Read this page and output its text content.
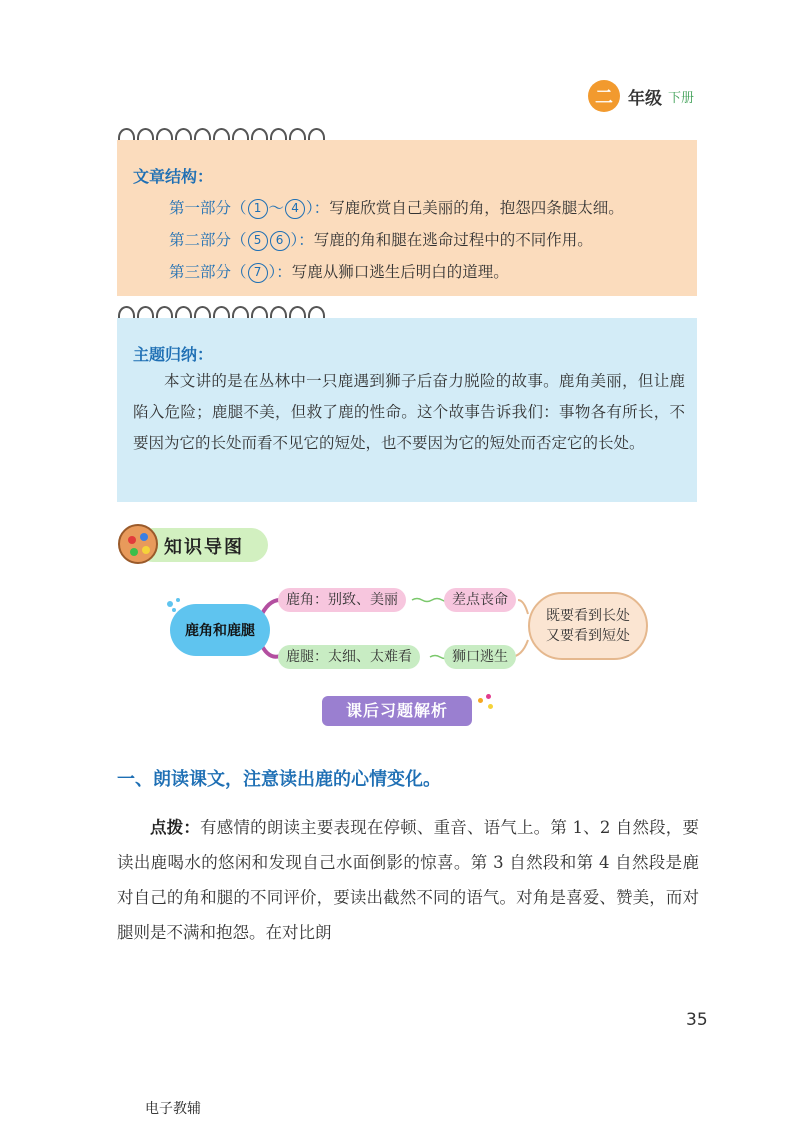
二 年级 下册
文章结构：
第一部分（ 1 ～ 4 ）：写鹿欣赏自己美丽的角，抱怨四条腿太细。
第二部分（ 5 6 ）：写鹿的角和腿在逃命过程中的不同作用。
第三部分（ 7 ）：写鹿从狮口逃生后明白的道理。
主题归纳：
本文讲的是在丛林中一只鹿遇到狮子后奋力脱险的故事。鹿角美丽，但让鹿陷入危险；鹿腿不美，但救了鹿的性命。这个故事告诉我们：事物各有所长，不要因为它的长处而看不见它的短处，也不要因为它的短处而否定它的长处。
知识导图
鹿角和鹿腿
鹿角：别致、美丽	差点丧命
鹿腿：太细、太难看	狮口逃生
既要看到长处
又要看到短处
课后习题解析
一、朗读课文，注意读出鹿的心情变化。
点拨：有感情的朗读主要表现在停顿、重音、语气上。第 1、2 自然段，要读出鹿喝水的悠闲和发现自己水面倒影的惊喜。第 3 自然段和第 4 自然段是鹿对自己的角和腿的不同评价，要读出截然不同的语气。对角是喜爱、赞美，而对腿则是不满和抱怨。在对比朗
35
电子教辅
